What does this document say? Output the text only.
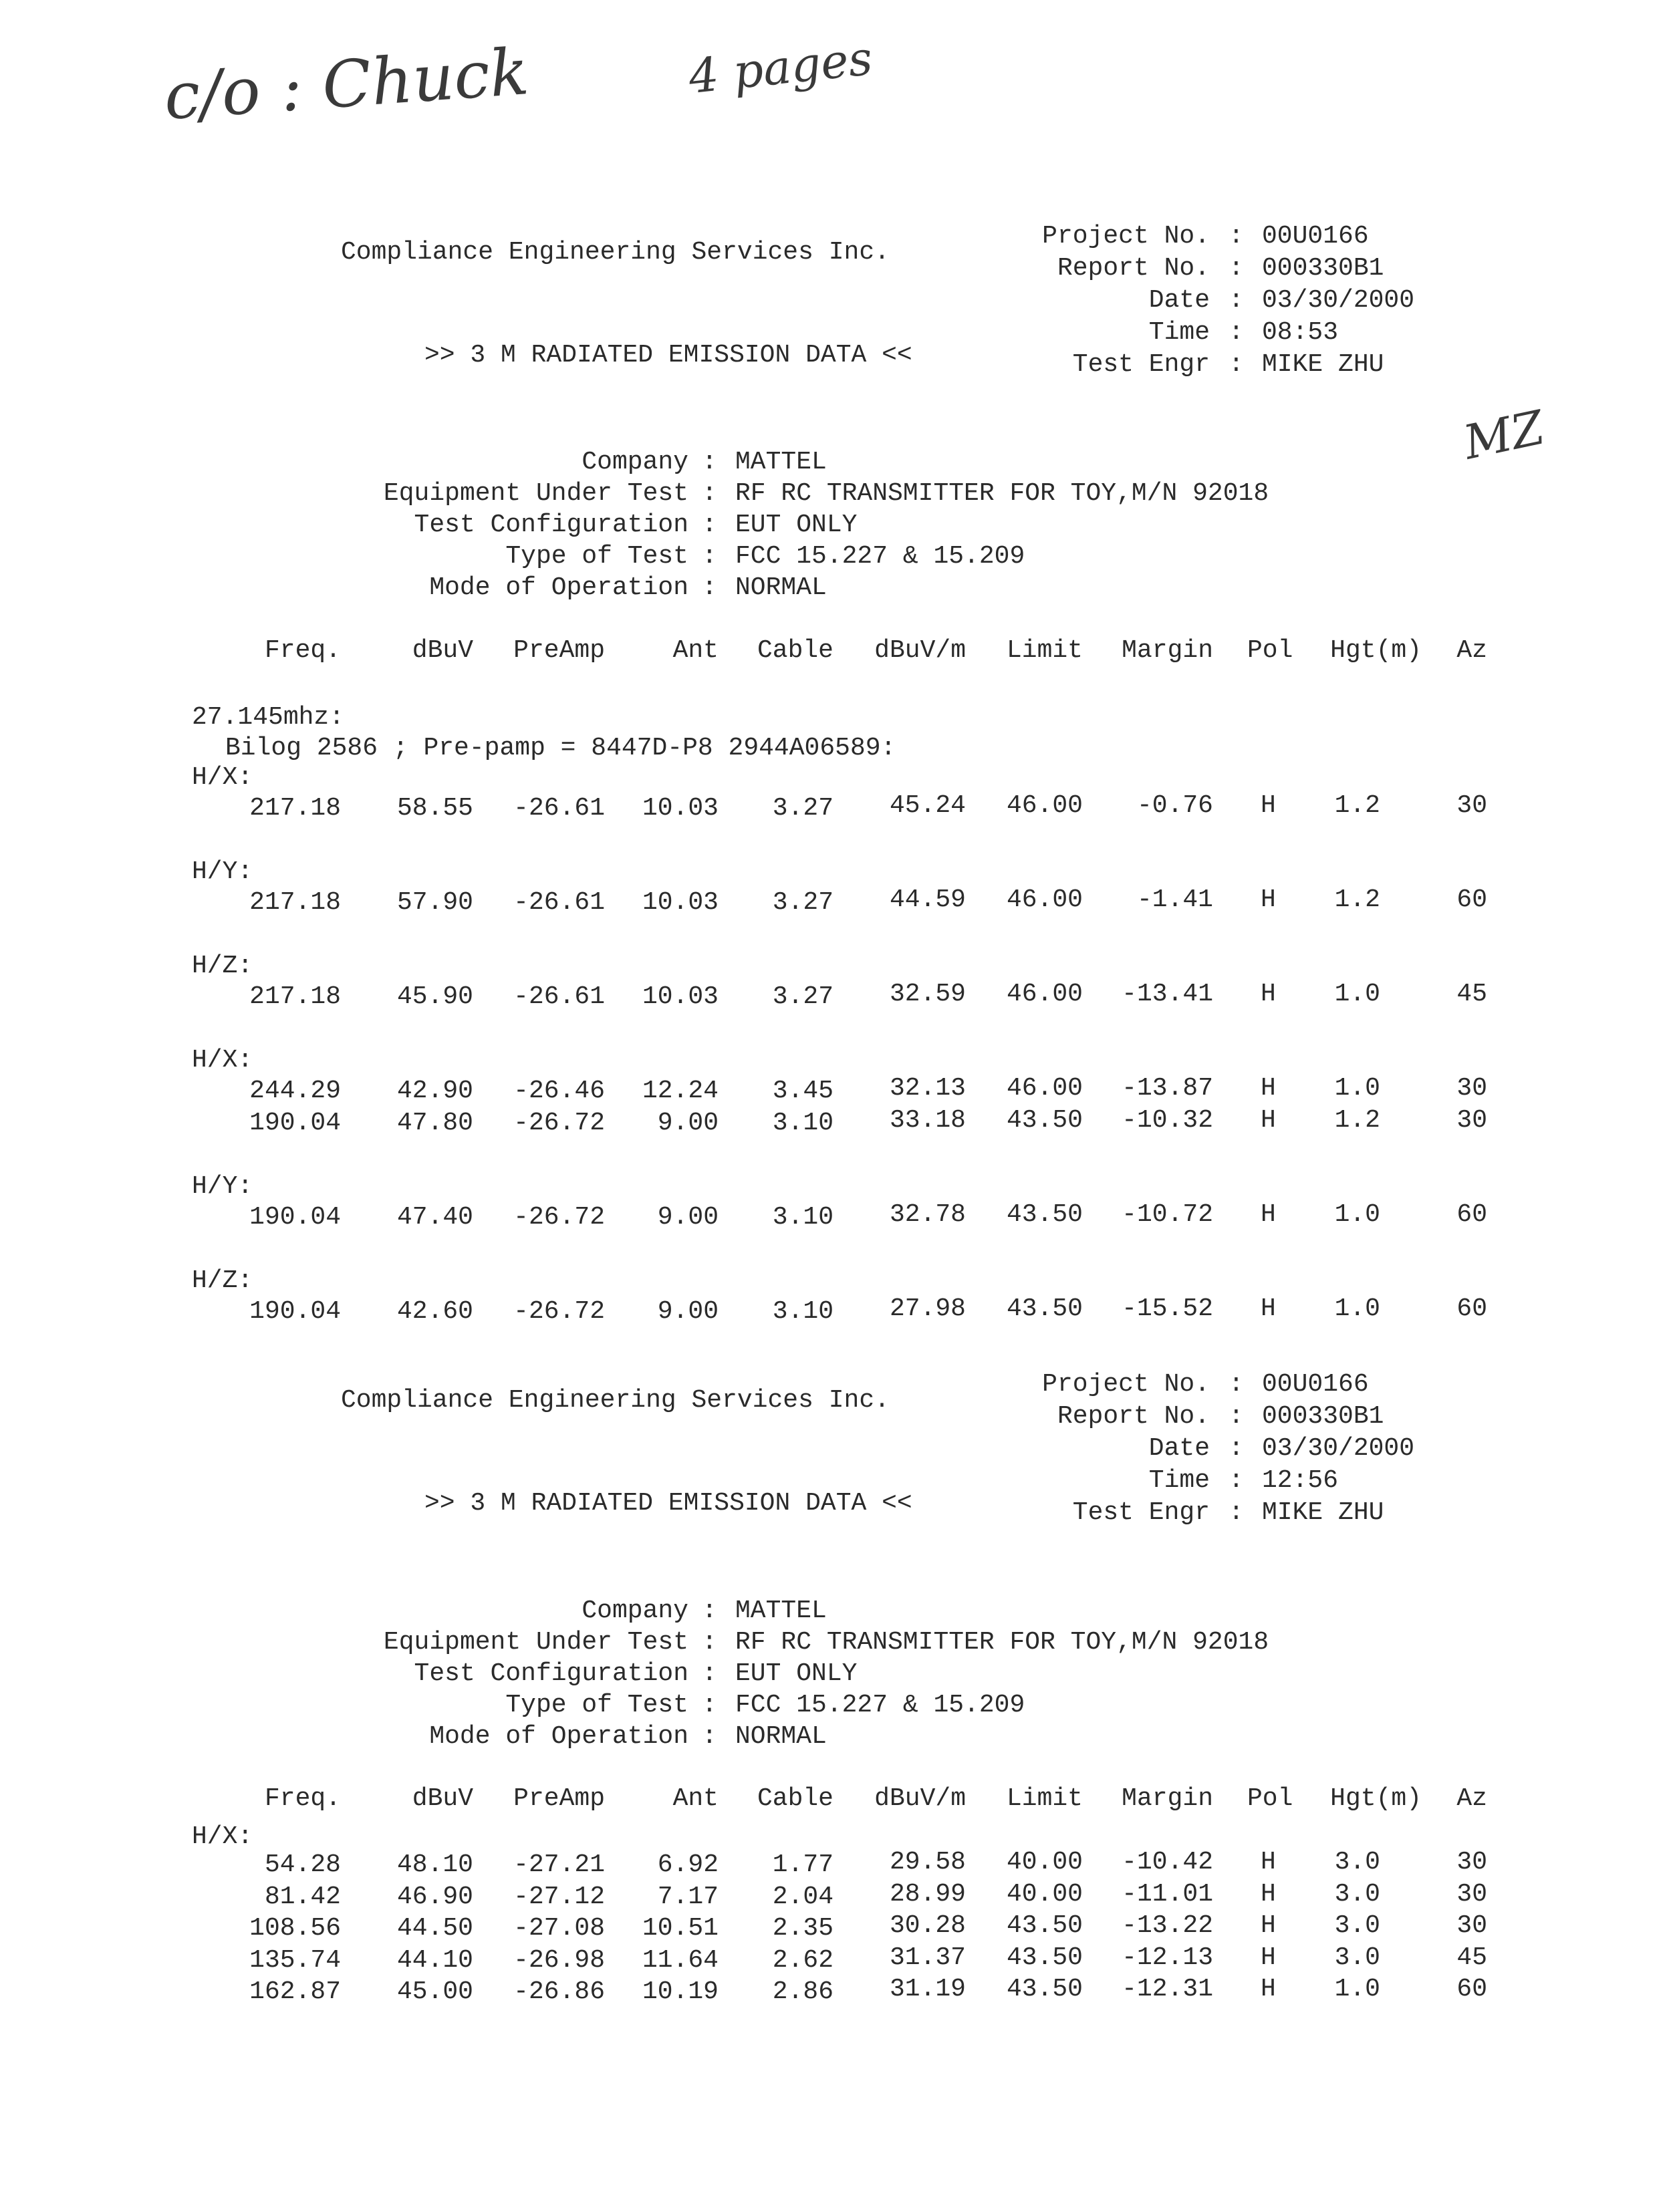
c/o : Chuck	4 pages
MZ
Project No. : 00U0166
Report No. : 000330B1
Date : 03/30/2000
Time : 08:53
Test Engr : MIKE ZHU
Compliance Engineering Services Inc.
>> 3 M RADIATED EMISSION DATA <<
Company : MATTEL
Equipment Under Test : RF RC TRANSMITTER FOR TOY,M/N 92018
Test Configuration : EUT ONLY
Type of Test : FCC 15.227 & 15.209
Mode of Operation : NORMAL
Freq.	dBuV PreAmp	Ant Cable dBuV/m Limit Margin Pol Hgt(m) Az
27.145mhz:
Bilog 2586 ; Pre-pamp = 8447D-P8 2944A06589:
H/X:
217.18 58.55 -26.61 10.03 3.27 45.24 46.00 -0.76 H 1.2	30
H/Y:
217.18 57.90 -26.61 10.03 3.27 44.59 46.00 -1.41 H 1.2	60
H/Z:
217.18 45.90 -26.61 10.03 3.27 32.59 46.00 -13.41 H 1.0	45
H/X:
244.29 42.90 -26.46 12.24 3.45 32.13 46.00 -13.87 H 1.0	30
190.04 47.80 -26.72 9.00 3.10 33.18 43.50 -10.32 H 1.2	30
H/Y:
190.04 47.40 -26.72 9.00 3.10 32.78 43.50 -10.72 H 1.0	60
H/Z:
190.04 42.60 -26.72 9.00 3.10 27.98 43.50 -15.52 H 1.0	60
Project No. : 00U0166
Report No. : 000330B1
Date : 03/30/2000
Time : 12:56
Test Engr : MIKE ZHU
Compliance Engineering Services Inc.
>> 3 M RADIATED EMISSION DATA <<
Company : MATTEL
Equipment Under Test : RF RC TRANSMITTER FOR TOY,M/N 92018
Test Configuration : EUT ONLY
Type of Test : FCC 15.227 & 15.209
Mode of Operation : NORMAL
Freq.	dBuV PreAmp	Ant Cable dBuV/m Limit Margin Pol Hgt(m) Az
H/X:
54.28 48.10 -27.21 6.92 1.77 29.58 40.00 -10.42 H 3.0	30
81.42 46.90 -27.12 7.17 2.04 28.99 40.00 -11.01 H 3.0	30
108.56 44.50 -27.08 10.51 2.35 30.28 43.50 -13.22 H 3.0	30
135.74 44.10 -26.98 11.64 2.62 31.37 43.50 -12.13 H 3.0	45
162.87 45.00 -26.86 10.19 2.86 31.19 43.50 -12.31 H 1.0	60
